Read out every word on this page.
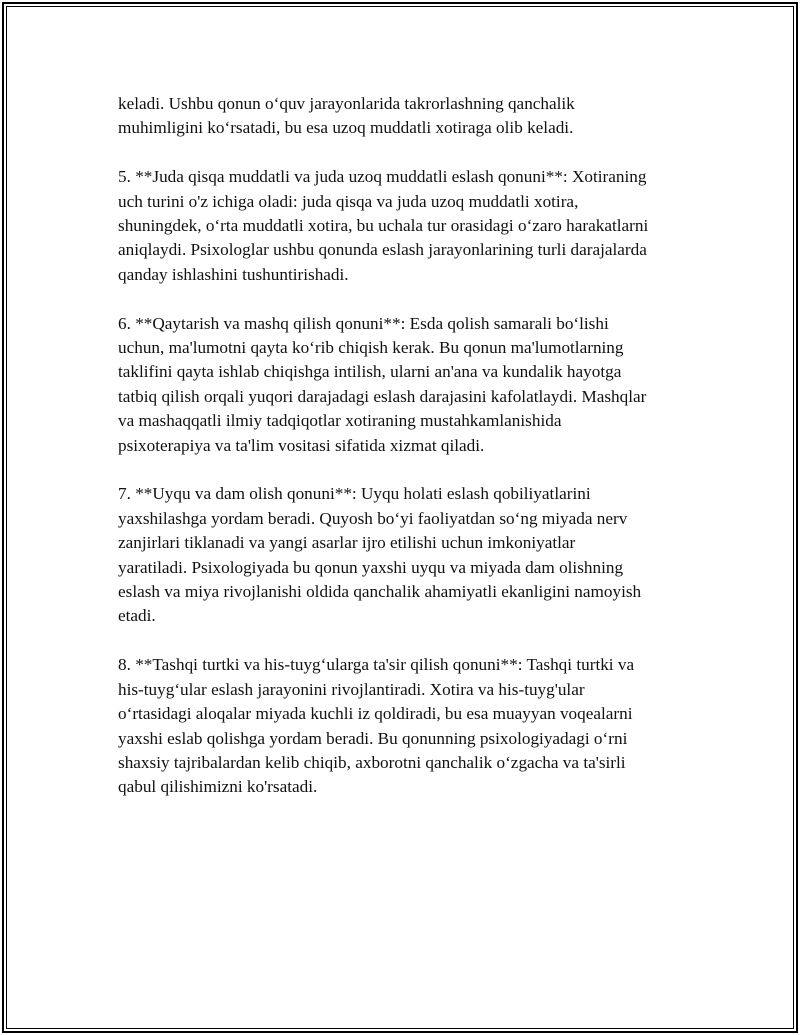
keladi. Ushbu qonun o‘quv jarayonlarida takrorlashning qanchalik
muhimligini ko‘rsatadi, bu esa uzoq muddatli xotiraga olib keladi.

5. **Juda qisqa muddatli va juda uzoq muddatli eslash qonuni**: Xotiraning
uch turini o'z ichiga oladi: juda qisqa va juda uzoq muddatli xotira,
shuningdek, o‘rta muddatli xotira, bu uchala tur orasidagi o‘zaro harakatlarni
aniqlaydi. Psixologlar ushbu qonunda eslash jarayonlarining turli darajalarda
qanday ishlashini tushuntirishadi.

6. **Qaytarish va mashq qilish qonuni**: Esda qolish samarali bo‘lishi
uchun, ma'lumotni qayta ko‘rib chiqish kerak. Bu qonun ma'lumotlarning
taklifini qayta ishlab chiqishga intilish, ularni an'ana va kundalik hayotga
tatbiq qilish orqali yuqori darajadagi eslash darajasini kafolatlaydi. Mashqlar
va mashaqqatli ilmiy tadqiqotlar xotiraning mustahkamlanishida
psixoterapiya va ta'lim vositasi sifatida xizmat qiladi.

7. **Uyqu va dam olish qonuni**: Uyqu holati eslash qobiliyatlarini
yaxshilashga yordam beradi. Quyosh bo‘yi faoliyatdan so‘ng miyada nerv
zanjirlari tiklanadi va yangi asarlar ijro etilishi uchun imkoniyatlar
yaratiladi. Psixologiyada bu qonun yaxshi uyqu va miyada dam olishning
eslash va miya rivojlanishi oldida qanchalik ahamiyatli ekanligini namoyish
etadi.

8. **Tashqi turtki va his-tuyg‘ularga ta'sir qilish qonuni**: Tashqi turtki va
his-tuyg‘ular eslash jarayonini rivojlantiradi. Xotira va his-tuyg'ular
o‘rtasidagi aloqalar miyada kuchli iz qoldiradi, bu esa muayyan voqealarni
yaxshi eslab qolishga yordam beradi. Bu qonunning psixologiyadagi o‘rni
shaxsiy tajribalardan kelib chiqib, axborotni qanchalik o‘zgacha va ta'sirli
qabul qilishimizni ko'rsatadi.
